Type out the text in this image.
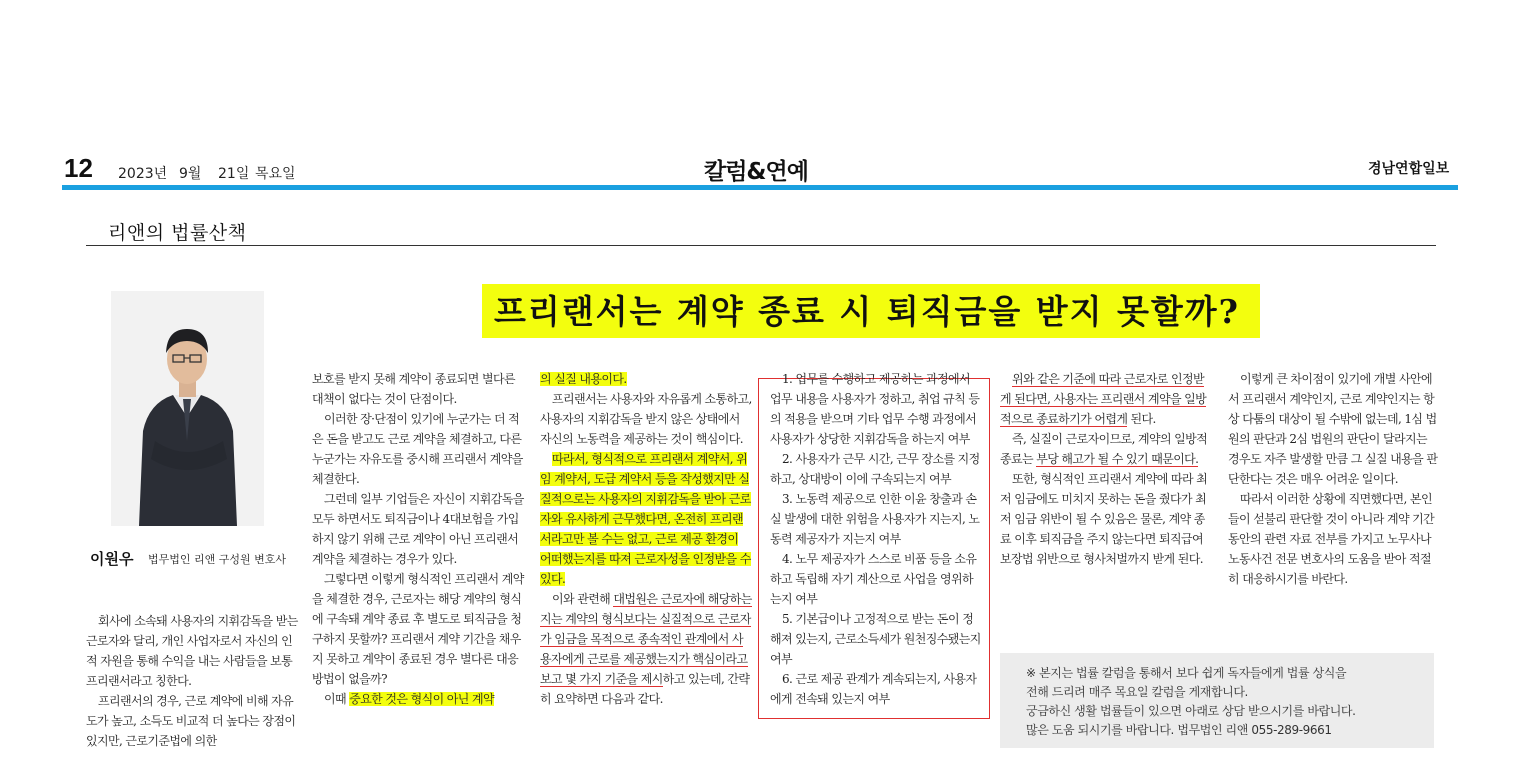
12 2023년 9월 21일 목요일	칼럼&연예	경남연합일보
리앤의 법률산책
이원우 법무법인 리앤 구성원 변호사
프리랜서는 계약 종료 시 퇴직금을 받지 못할까?

회사에 소속돼 사용자의 지휘감독을 받는 근로자와 달리, 개인 사업자로서 자신의 인적 자원을 통해 수익을 내는 사람들을 보통 프리랜서라고 칭한다.

프리랜서의 경우, 근로 계약에 비해 자유도가 높고, 소득도 비교적 더 높다는 장점이 있지만, 근로기준법에 의한

보호를 받지 못해 계약이 종료되면 별다른 대책이 없다는 것이 단점이다.

이러한 장·단점이 있기에 누군가는 더 적은 돈을 받고도 근로 계약을 체결하고, 다른 누군가는 자유도를 중시해 프리랜서 계약을 체결한다.

그런데 일부 기업들은 자신이 지휘감독을 모두 하면서도 퇴직금이나 4대보험을 가입하지 않기 위해 근로 계약이 아닌 프리랜서 계약을 체결하는 경우가 있다.

그렇다면 이렇게 형식적인 프리랜서 계약을 체결한 경우, 근로자는 해당 계약의 형식에 구속돼 계약 종료 후 별도로 퇴직금을 청구하지 못할까? 프리랜서 계약 기간을 채우지 못하고 계약이 종료된 경우 별다른 대응 방법이 없을까?

이때 중요한 것은 형식이 아닌 계약

의 실질 내용이다.

프리랜서는 사용자와 자유롭게 소통하고, 사용자의 지휘감독을 받지 않은 상태에서 자신의 노동력을 제공하는 것이 핵심이다.

따라서, 형식적으로 프리랜서 계약서, 위임 계약서, 도급 계약서 등을 작성했지만 실질적으로는 사용자의 지휘감독을 받아 근로자와 유사하게 근무했다면, 온전히 프리랜서라고만 볼 수는 없고, 근로 제공 환경이 어떠했는지를 따져 근로자성을 인정받을 수 있다.

이와 관련해 대법원은 근로자에 해당하는지는 계약의 형식보다는 실질적으로 근로자가 임금을 목적으로 종속적인 관계에서 사용자에게 근로를 제공했는지가 핵심이라고 보고 몇 가지 기준을 제시하고 있는데, 간략히 요약하면 다음과 같다.

1. 업무를 수행하고 제공하는 과정에서 업무 내용을 사용자가 정하고, 취업 규칙 등의 적용을 받으며 기타 업무 수행 과정에서 사용자가 상당한 지휘감독을 하는지 여부

2. 사용자가 근무 시간, 근무 장소를 지정하고, 상대방이 이에 구속되는지 여부

3. 노동력 제공으로 인한 이윤 창출과 손실 발생에 대한 위험을 사용자가 지는지, 노동력 제공자가 지는지 여부

4. 노무 제공자가 스스로 비품 등을 소유하고 독립해 자기 계산으로 사업을 영위하는지 여부

5. 기본급이나 고정적으로 받는 돈이 정해져 있는지, 근로소득세가 원천징수됐는지 여부

6. 근로 제공 관계가 계속되는지, 사용자에게 전속돼 있는지 여부

위와 같은 기준에 따라 근로자로 인정받게 된다면, 사용자는 프리랜서 계약을 일방적으로 종료하기가 어렵게 된다.

즉, 실질이 근로자이므로, 계약의 일방적 종료는 부당 해고가 될 수 있기 때문이다.

또한, 형식적인 프리랜서 계약에 따라 최저 임금에도 미치지 못하는 돈을 줬다가 최저 임금 위반이 될 수 있음은 물론, 계약 종료 이후 퇴직금을 주지 않는다면 퇴직급여보장법 위반으로 형사처벌까지 받게 된다.

이렇게 큰 차이점이 있기에 개별 사안에서 프리랜서 계약인지, 근로 계약인지는 항상 다툼의 대상이 될 수밖에 없는데, 1심 법원의 판단과 2심 법원의 판단이 달라지는 경우도 자주 발생할 만큼 그 실질 내용을 판단한다는 것은 매우 어려운 일이다.

따라서 이러한 상황에 직면했다면, 본인들이 섣불리 판단할 것이 아니라 계약 기간 동안의 관련 자료 전부를 가지고 노무사나 노동사건 전문 변호사의 도움을 받아 적절히 대응하시기를 바란다.

※ 본지는 법률 칼럼을 통해서 보다 쉽게 독자들에게 법률 상식을
전해 드리려 매주 목요일 칼럼을 게재합니다.
궁금하신 생활 법률들이 있으면 아래로 상담 받으시기를 바랍니다.
많은 도움 되시기를 바랍니다. 법무법인 리앤 055-289-9661
